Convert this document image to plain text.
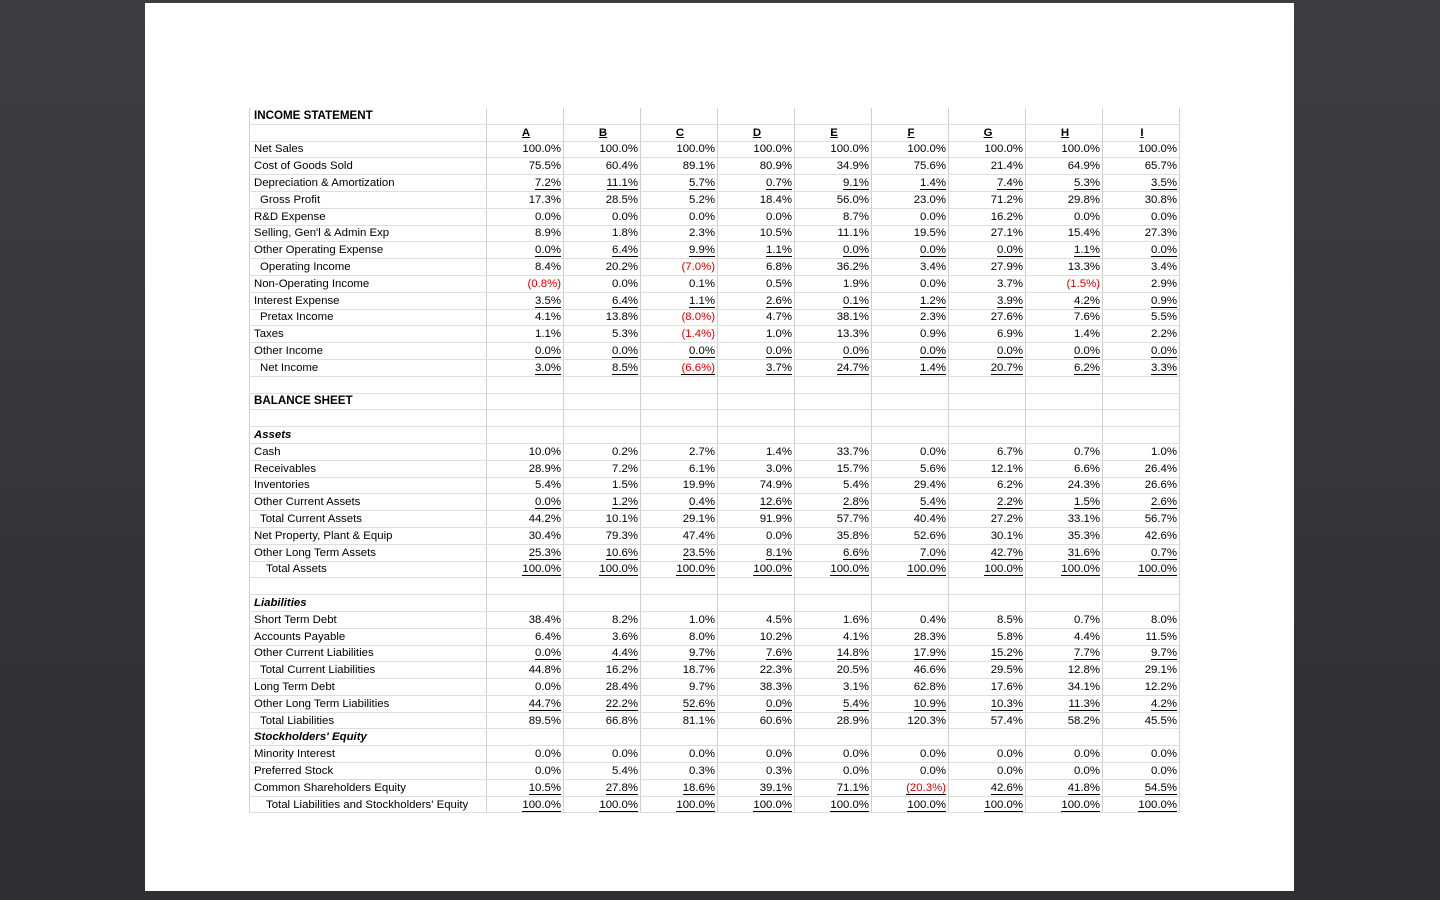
INCOME STATEMENT									
	A	B	C	D	E	F	G	H	I
Net Sales	100.0%	100.0%	100.0%	100.0%	100.0%	100.0%	100.0%	100.0%	100.0%
Cost of Goods Sold	75.5%	60.4%	89.1%	80.9%	34.9%	75.6%	21.4%	64.9%	65.7%
Depreciation & Amortization	7.2%	11.1%	5.7%	0.7%	9.1%	1.4%	7.4%	5.3%	3.5%
Gross Profit	17.3%	28.5%	5.2%	18.4%	56.0%	23.0%	71.2%	29.8%	30.8%
R&D Expense	0.0%	0.0%	0.0%	0.0%	8.7%	0.0%	16.2%	0.0%	0.0%
Selling, Gen'l & Admin Exp	8.9%	1.8%	2.3%	10.5%	11.1%	19.5%	27.1%	15.4%	27.3%
Other Operating Expense	0.0%	6.4%	9.9%	1.1%	0.0%	0.0%	0.0%	1.1%	0.0%
Operating Income	8.4%	20.2%	(7.0%)	6.8%	36.2%	3.4%	27.9%	13.3%	3.4%
Non-Operating Income	(0.8%)	0.0%	0.1%	0.5%	1.9%	0.0%	3.7%	(1.5%)	2.9%
Interest Expense	3.5%	6.4%	1.1%	2.6%	0.1%	1.2%	3.9%	4.2%	0.9%
Pretax Income	4.1%	13.8%	(8.0%)	4.7%	38.1%	2.3%	27.6%	7.6%	5.5%
Taxes	1.1%	5.3%	(1.4%)	1.0%	13.3%	0.9%	6.9%	1.4%	2.2%
Other Income	0.0%	0.0%	0.0%	0.0%	0.0%	0.0%	0.0%	0.0%	0.0%
Net Income	3.0%	8.5%	(6.6%)	3.7%	24.7%	1.4%	20.7%	6.2%	3.3%

BALANCE SHEET									

Assets									
Cash	10.0%	0.2%	2.7%	1.4%	33.7%	0.0%	6.7%	0.7%	1.0%
Receivables	28.9%	7.2%	6.1%	3.0%	15.7%	5.6%	12.1%	6.6%	26.4%
Inventories	5.4%	1.5%	19.9%	74.9%	5.4%	29.4%	6.2%	24.3%	26.6%
Other Current Assets	0.0%	1.2%	0.4%	12.6%	2.8%	5.4%	2.2%	1.5%	2.6%
Total Current Assets	44.2%	10.1%	29.1%	91.9%	57.7%	40.4%	27.2%	33.1%	56.7%
Net Property, Plant & Equip	30.4%	79.3%	47.4%	0.0%	35.8%	52.6%	30.1%	35.3%	42.6%
Other Long Term Assets	25.3%	10.6%	23.5%	8.1%	6.6%	7.0%	42.7%	31.6%	0.7%
Total Assets	100.0%	100.0%	100.0%	100.0%	100.0%	100.0%	100.0%	100.0%	100.0%

Liabilities									
Short Term Debt	38.4%	8.2%	1.0%	4.5%	1.6%	0.4%	8.5%	0.7%	8.0%
Accounts Payable	6.4%	3.6%	8.0%	10.2%	4.1%	28.3%	5.8%	4.4%	11.5%
Other Current Liabilities	0.0%	4.4%	9.7%	7.6%	14.8%	17.9%	15.2%	7.7%	9.7%
Total Current Liabilities	44.8%	16.2%	18.7%	22.3%	20.5%	46.6%	29.5%	12.8%	29.1%
Long Term Debt	0.0%	28.4%	9.7%	38.3%	3.1%	62.8%	17.6%	34.1%	12.2%
Other Long Term Liabilities	44.7%	22.2%	52.6%	0.0%	5.4%	10.9%	10.3%	11.3%	4.2%
Total Liabilities	89.5%	66.8%	81.1%	60.6%	28.9%	120.3%	57.4%	58.2%	45.5%
Stockholders' Equity									
Minority Interest	0.0%	0.0%	0.0%	0.0%	0.0%	0.0%	0.0%	0.0%	0.0%
Preferred Stock	0.0%	5.4%	0.3%	0.3%	0.0%	0.0%	0.0%	0.0%	0.0%
Common Shareholders Equity	10.5%	27.8%	18.6%	39.1%	71.1%	(20.3%)	42.6%	41.8%	54.5%
Total Liabilities and Stockholders' Equity	100.0%	100.0%	100.0%	100.0%	100.0%	100.0%	100.0%	100.0%	100.0%
